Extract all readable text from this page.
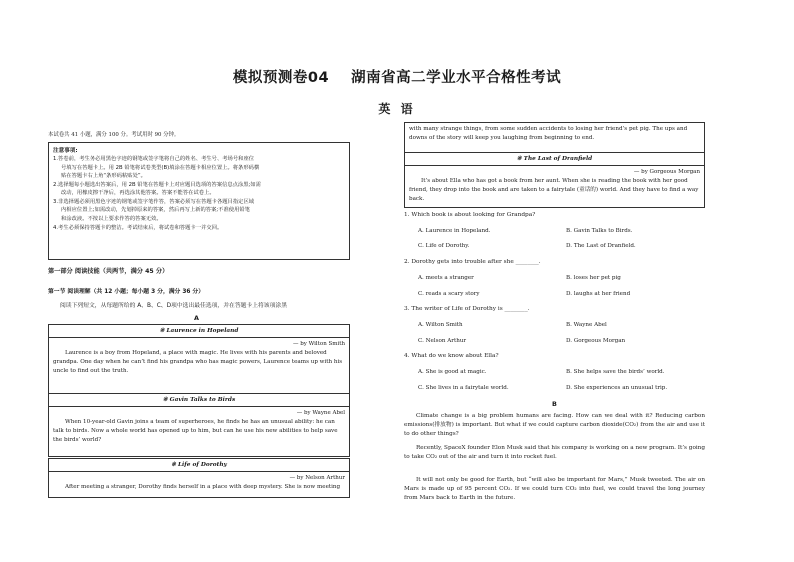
模拟预测卷04 湖南省高二学业水平合格性考试
英 语
本试卷共 41 小题，满分 100 分。考试用时 90 分钟。
注意事项:
1.答卷前，考生务必用黑色字迹的钢笔或签字笔将自己的姓名、考生号、考场号和座位
号填写在答题卡上。用 2B 铅笔将试卷类型(B)填涂在答题卡相应位置上。将条形码横
贴在答题卡右上角“条形码粘贴处”。
2.选择题每小题选出答案后，用 2B 铅笔在答题卡上对应题目选项的答案信息点涂黑;如需
改动，用橡皮擦干净后，再选涂其他答案。答案不能答在试卷上。
3.非选择题必须用黑色字迹的钢笔或签字笔作答，答案必须写在答题卡各题目指定区域
内相应位置上;如需改动，先划掉原来的答案，然后再写上新的答案;不准使用铅笔
和涂改液。不按以上要求作答的答案无效。
4.考生必须保持答题卡的整洁。考试结束后，将试卷和答题卡一并交回。
第一部分 阅读技能（共两节，满分 45 分）
第一节 阅读理解（共 12 小题；每小题 3 分，满分 36 分）
阅读下列短文，从每题所给的 A、B、C、D项中选出最佳选项，并在答题卡上将该项涂黑
A
※ Laurence in Hopeland
— by Wilton Smith
Laurence is a boy from Hopeland, a place with magic. He lives with his parents and beloved grandpa. One day when he can’t find his grandpa who has magic powers, Laurence teams up with his uncle to find out the truth.
※ Gavin Talks to Birds
— by Wayne Abel
When 10-year-old Gavin joins a team of superheroes, he finds he has an unusual ability: he can talk to birds. Now a whole world has opened up to him, but can he use his new abilities to help save the birds’ world?
※ Life of Dorothy
— by Nelson Arthur
After meeting a stranger, Dorothy finds herself in a place with deep mystery. She is now meeting
with many strange things, from some sudden accidents to losing her friend’s pet pig. The ups and downs of the story will keep you laughing from beginning to end.
※ The Last of Dranfield
— by Gorgeous Morgan
It’s about Ella who has got a book from her aunt. When she is reading the book with her good friend, they drop into the book and are taken to a fairytale (童话的) world. And they have to find a way back.
1. Which book is about looking for Grandpa?
A. Laurence in Hopeland.	B. Gavin Talks to Birds.
C. Life of Dorothy.	D. The Last of Dranfield.
2. Dorothy gets into trouble after she ________.
A. meets a stranger	B. loses her pet pig
C. reads a scary story	D. laughs at her friend
3. The writer of Life of Dorothy is ________.
A. Wilton Smith	B. Wayne Abel
C. Nelson Arthur	D. Gorgeous Morgan
4. What do we know about Ella?
A. She is good at magic.	B. She helps save the birds’ world.
C. She lives in a fairytale world.	D. She experiences an unusual trip.
B
Climate change is a big problem humans are facing. How can we deal with it? Reducing carbon emissions(排放物) is important. But what if we could capture carbon dioxide(CO₂) from the air and use it to do other things?
Recently, SpaceX founder Elon Musk said that his company is working on a new program. It’s going to take CO₂ out of the air and turn it into rocket fuel.
It will not only be good for Earth, but “will also be important for Mars,” Musk tweeted. The air on Mars is made up of 95 percent CO₂. If we could turn CO₂ into fuel, we could travel the long journey from Mars back to Earth in the future.
